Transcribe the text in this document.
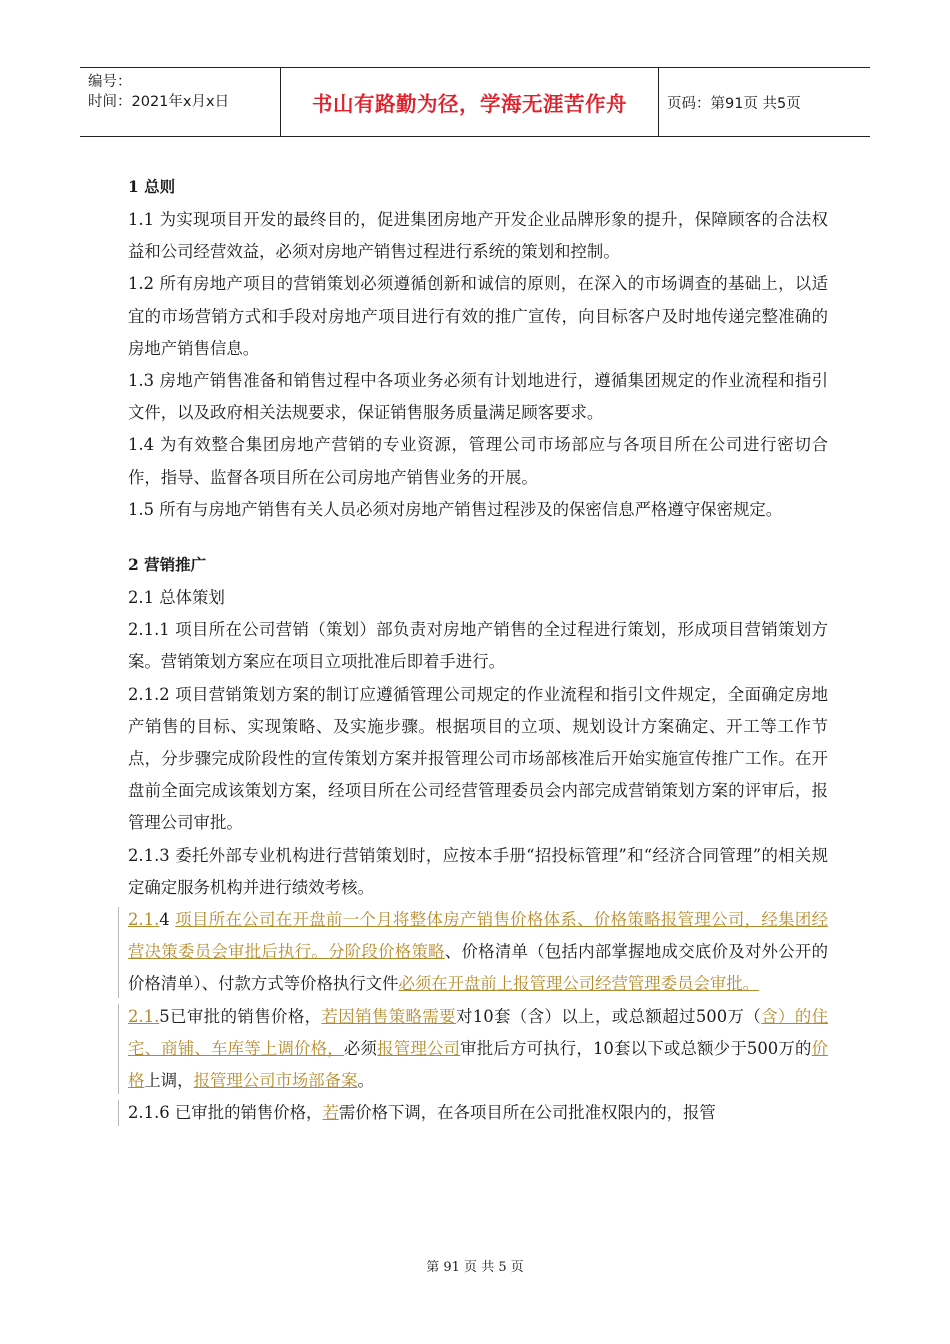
编号：
时间：2021年x月x日	书山有路勤为径，学海无涯苦作舟	页码：第91页 共5页
1 总则
1.1 为实现项目开发的最终目的，促进集团房地产开发企业品牌形象的提升，保障顾客的合法权益和公司经营效益，必须对房地产销售过程进行系统的策划和控制。
1.2 所有房地产项目的营销策划必须遵循创新和诚信的原则，在深入的市场调查的基础上，以适宜的市场营销方式和手段对房地产项目进行有效的推广宣传，向目标客户及时地传递完整准确的房地产销售信息。
1.3 房地产销售准备和销售过程中各项业务必须有计划地进行，遵循集团规定的作业流程和指引文件，以及政府相关法规要求，保证销售服务质量满足顾客要求。
1.4 为有效整合集团房地产营销的专业资源，管理公司市场部应与各项目所在公司进行密切合作，指导、监督各项目所在公司房地产销售业务的开展。
1.5 所有与房地产销售有关人员必须对房地产销售过程涉及的保密信息严格遵守保密规定。
2 营销推广
2.1 总体策划
2.1.1 项目所在公司营销（策划）部负责对房地产销售的全过程进行策划，形成项目营销策划方案。营销策划方案应在项目立项批准后即着手进行。
2.1.2 项目营销策划方案的制订应遵循管理公司规定的作业流程和指引文件规定，全面确定房地产销售的目标、实现策略、及实施步骤。根据项目的立项、规划设计方案确定、开工等工作节点，分步骤完成阶段性的宣传策划方案并报管理公司市场部核准后开始实施宣传推广工作。在开盘前全面完成该策划方案，经项目所在公司经营管理委员会内部完成营销策划方案的评审后，报管理公司审批。
2.1.3 委托外部专业机构进行营销策划时，应按本手册“招投标管理”和“经济合同管理”的相关规定确定服务机构并进行绩效考核。
2.1.4 项目所在公司在开盘前一个月将整体房产销售价格体系、价格策略报管理公司，经集团经营决策委员会审批后执行。分阶段价格策略、价格清单（包括内部掌握地成交底价及对外公开的价格清单）、付款方式等价格执行文件必须在开盘前上报管理公司经营管理委员会审批。
2.1.5已审批的销售价格，若因销售策略需要对10套（含）以上，或总额超过500万（含）的住宅、商铺、车库等上调价格，必须报管理公司审批后方可执行，10套以下或总额少于500万的价格上调，报管理公司市场部备案。
2.1.6 已审批的销售价格，若需价格下调，在各项目所在公司批准权限内的，报管
第 91 页 共 5 页
